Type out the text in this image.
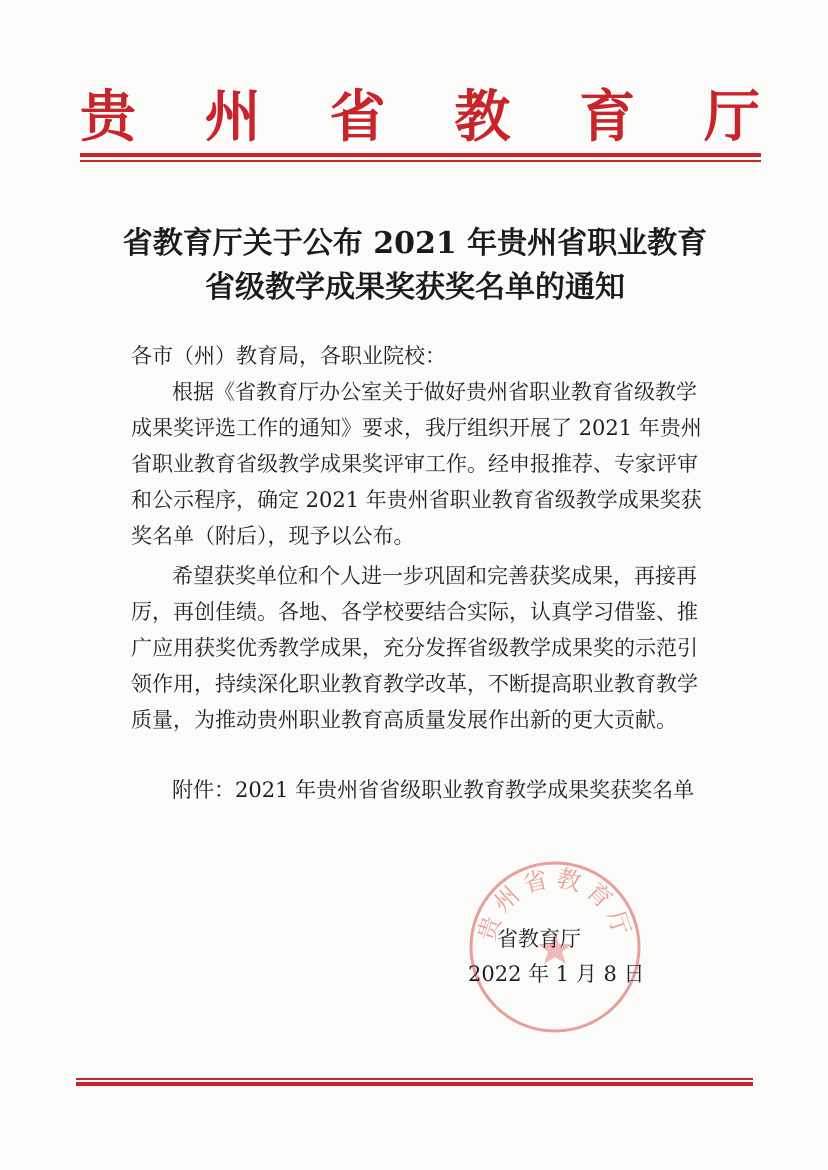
贵 州 省 教 育 厅
省教育厅关于公布 2021 年贵州省职业教育
省级教学成果奖获奖名单的通知
各市（州）教育局，各职业院校：
根据《省教育厅办公室关于做好贵州省职业教育省级教学
成果奖评选工作的通知》要求，我厅组织开展了 2021 年贵州
省职业教育省级教学成果奖评审工作。经申报推荐、专家评审
和公示程序，确定 2021 年贵州省职业教育省级教学成果奖获
奖名单（附后），现予以公布。
希望获奖单位和个人进一步巩固和完善获奖成果，再接再
厉，再创佳绩。各地、各学校要结合实际，认真学习借鉴、推
广应用获奖优秀教学成果，充分发挥省级教学成果奖的示范引
领作用，持续深化职业教育教学改革，不断提高职业教育教学
质量，为推动贵州职业教育高质量发展作出新的更大贡献。
附件：2021 年贵州省省级职业教育教学成果奖获奖名单
贵州省教育厅
省教育厅
2022 年 1 月 8 日
